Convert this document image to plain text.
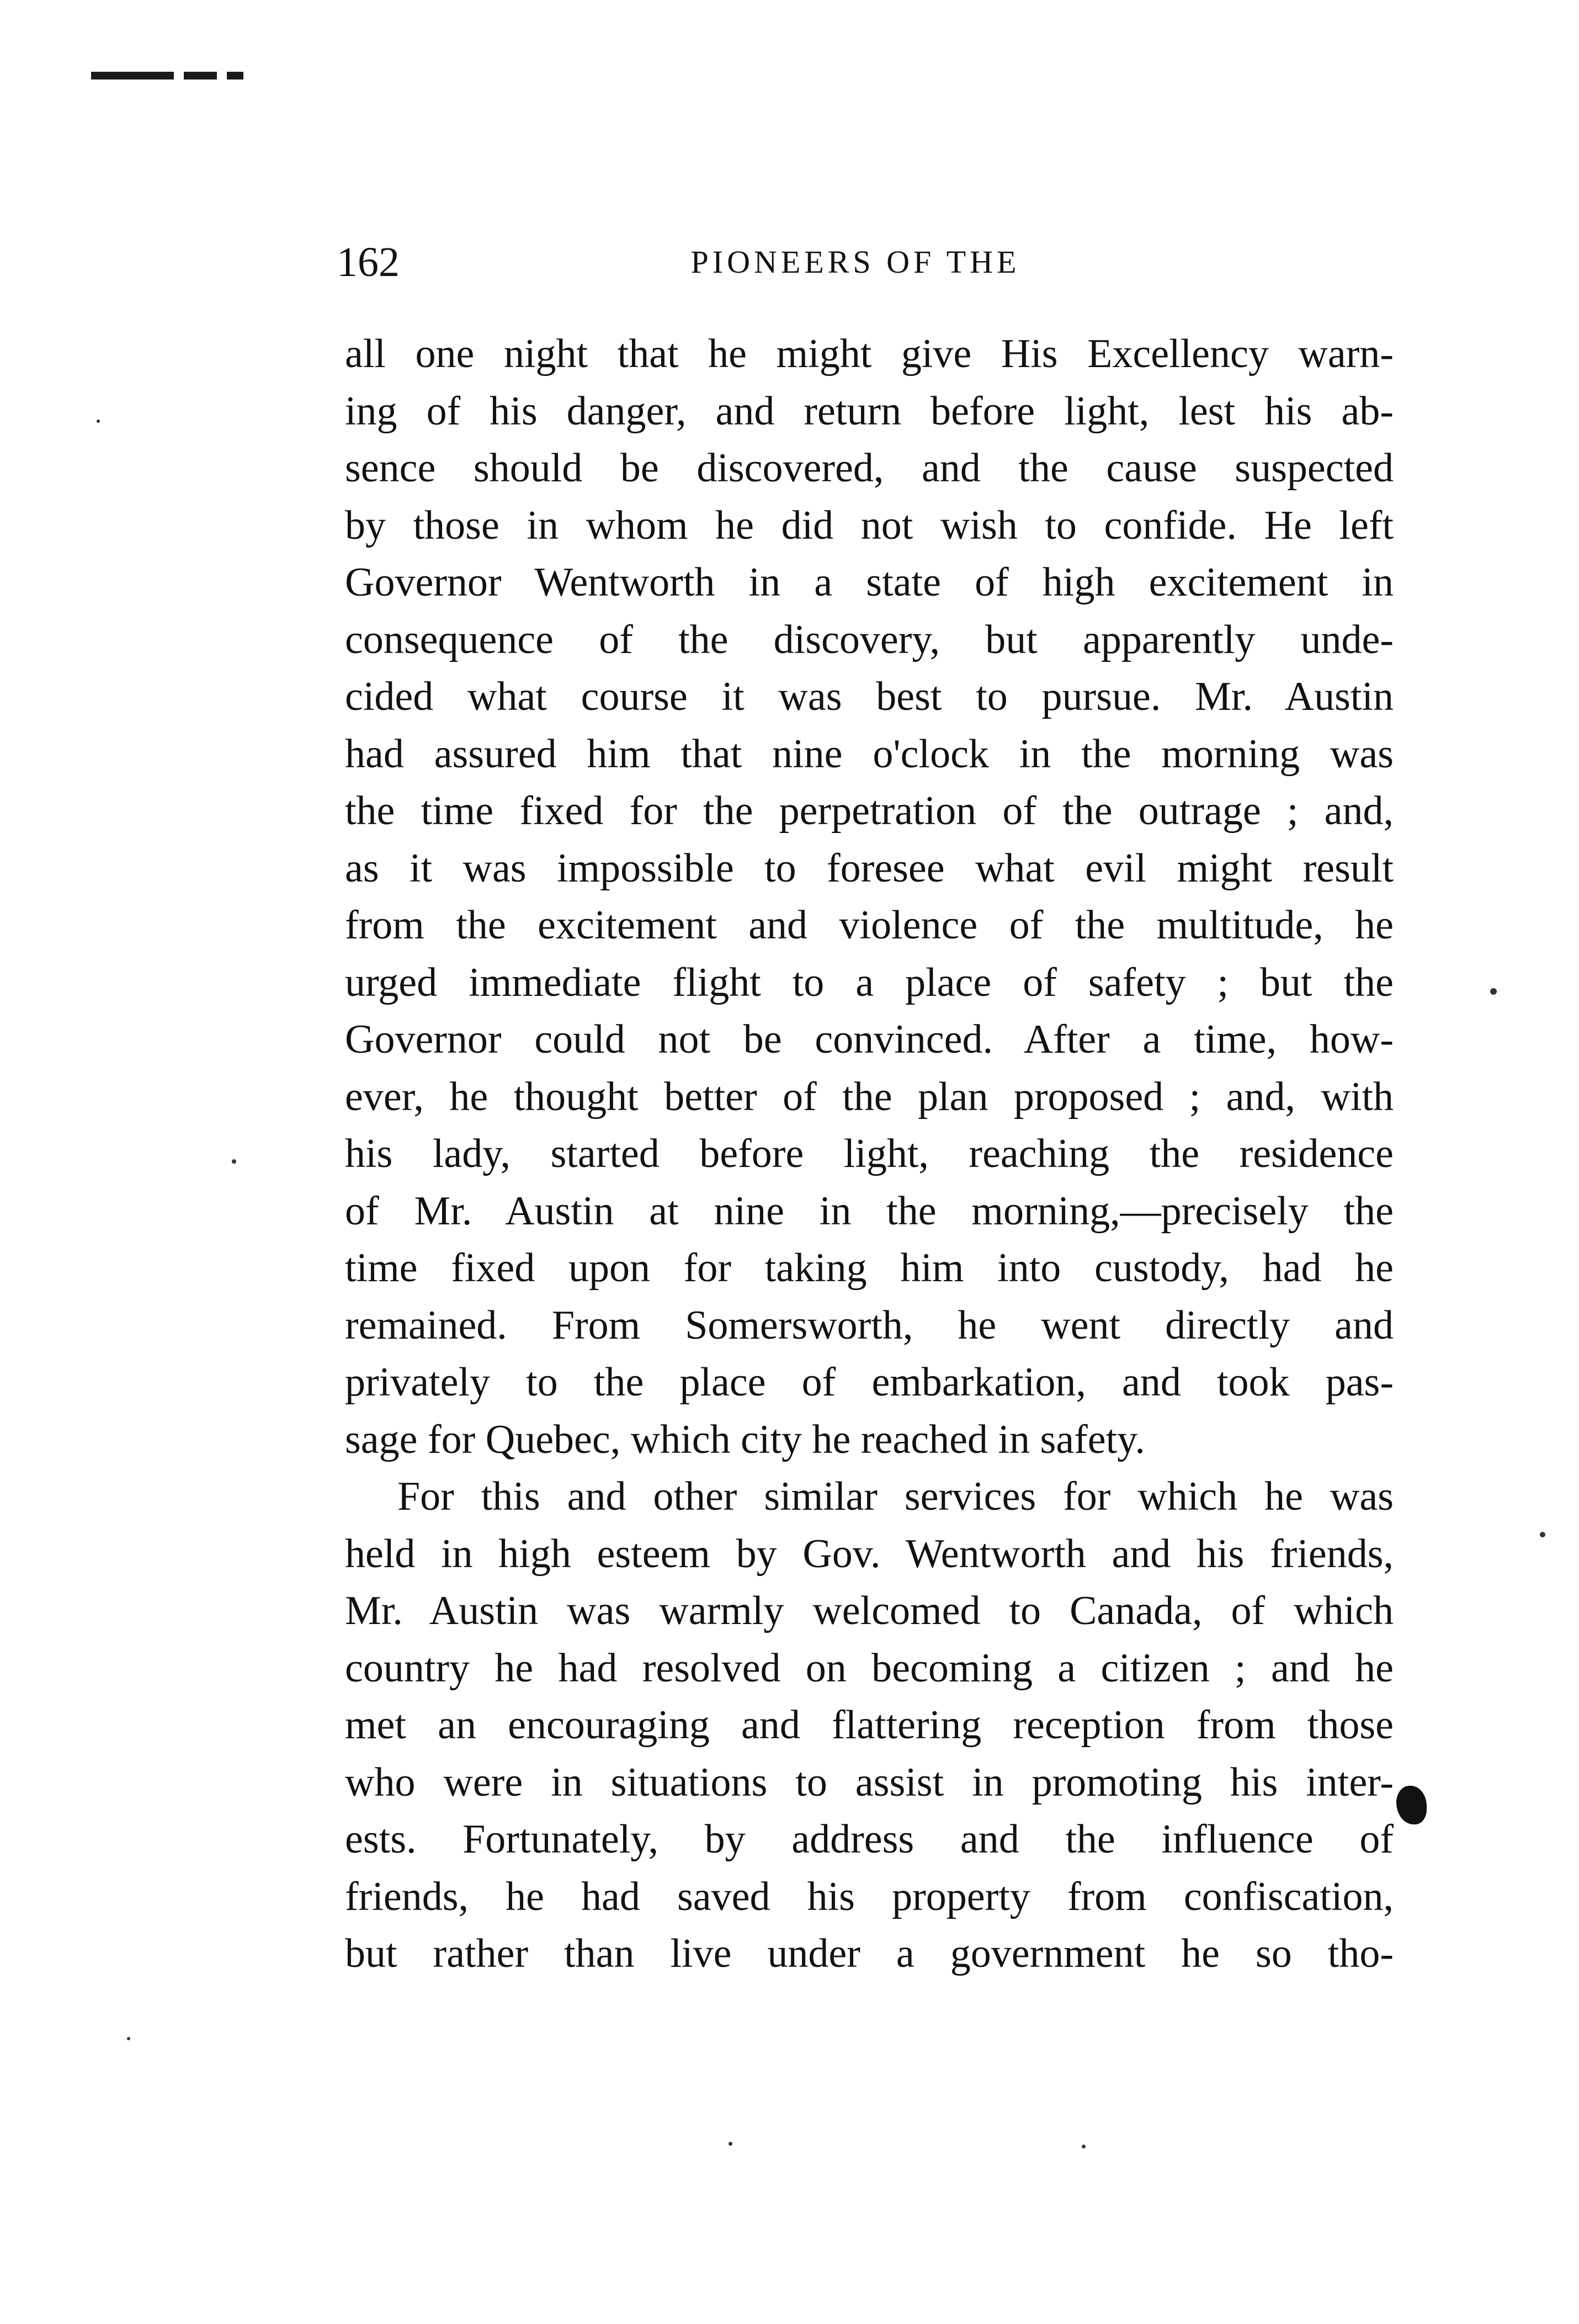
162	PIONEERS OF THE
all one night that he might give His Excellency warn-
ing of his danger, and return before light, lest his ab-
sence should be discovered, and the cause suspected
by those in whom he did not wish to confide. He left
Governor Wentworth in a state of high excitement in
consequence of the discovery, but apparently unde-
cided what course it was best to pursue. Mr. Austin
had assured him that nine o'clock in the morning was
the time fixed for the perpetration of the outrage ; and,
as it was impossible to foresee what evil might result
from the excitement and violence of the multitude, he
urged immediate flight to a place of safety ; but the
Governor could not be convinced. After a time, how-
ever, he thought better of the plan proposed ; and, with
his lady, started before light, reaching the residence
of Mr. Austin at nine in the morning,—precisely the
time fixed upon for taking him into custody, had he
remained. From Somersworth, he went directly and
privately to the place of embarkation, and took pas-
sage for Quebec, which city he reached in safety.
For this and other similar services for which he was
held in high esteem by Gov. Wentworth and his friends,
Mr. Austin was warmly welcomed to Canada, of which
country he had resolved on becoming a citizen ; and he
met an encouraging and flattering reception from those
who were in situations to assist in promoting his inter-
ests. Fortunately, by address and the influence of
friends, he had saved his property from confiscation,
but rather than live under a government he so tho-
